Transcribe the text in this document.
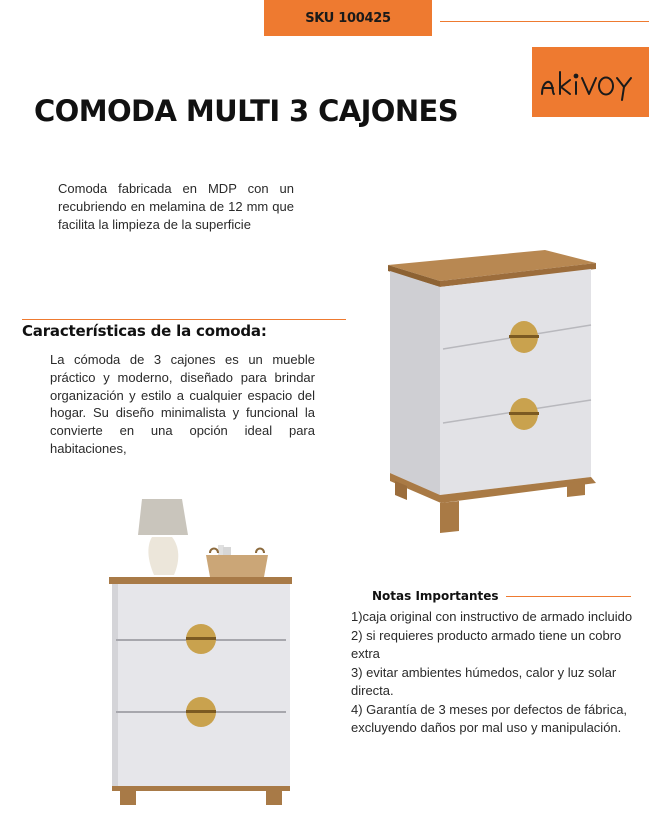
SKU 100425
COMODA MULTI 3 CAJONES
Comoda fabricada en MDP con un recubriendo en melamina de 12 mm que facilita la limpieza de la superficie
Características de la comoda:
La cómoda de 3 cajones es un mueble práctico y moderno, diseñado para brindar organización y estilo a cualquier espacio del hogar. Su diseño minimalista y funcional la convierte en una opción ideal para habitaciones,
Notas Importantes

1)caja original con instructivo de armado incluido

2) si requieres producto armado tiene un cobro extra

3) evitar ambientes húmedos, calor y luz solar directa.

4) Garantía de 3 meses por defectos de fábrica, excluyendo daños por mal uso y manipulación.
